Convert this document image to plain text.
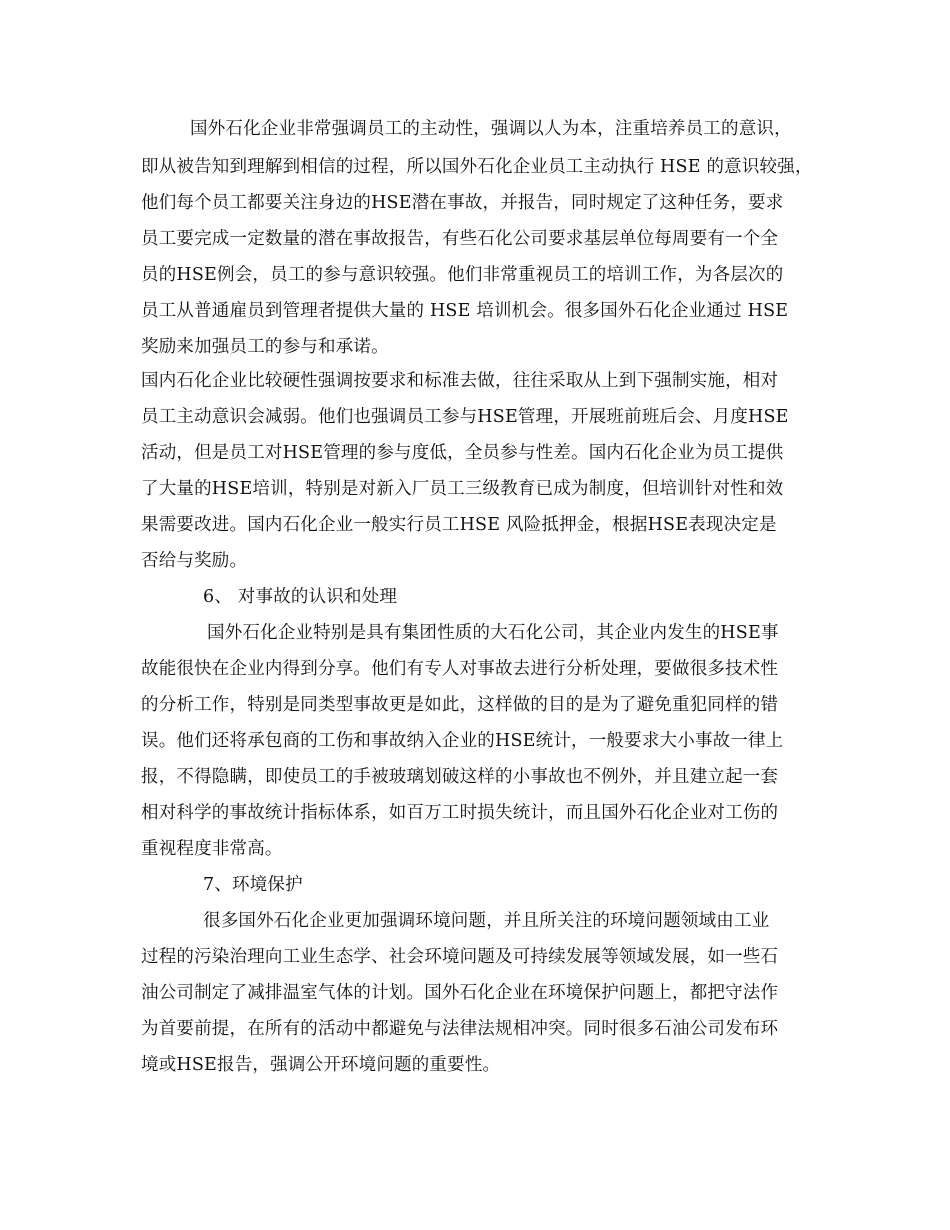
国外石化企业非常强调员工的主动性，强调以人为本，注重培养员工的意识，
即从被告知到理解到相信的过程，所以国外石化企业员工主动执行 HSE 的意识较强，
他们每个员工都要关注身边的HSE潜在事故，并报告，同时规定了这种任务，要求
员工要完成一定数量的潜在事故报告，有些石化公司要求基层单位每周要有一个全
员的HSE例会，员工的参与意识较强。他们非常重视员工的培训工作，为各层次的
员工从普通雇员到管理者提供大量的 HSE 培训机会。很多国外石化企业通过 HSE
奖励来加强员工的参与和承诺。
国内石化企业比较硬性强调按要求和标准去做，往往采取从上到下强制实施，相对
员工主动意识会减弱。他们也强调员工参与HSE管理，开展班前班后会、月度HSE
活动，但是员工对HSE管理的参与度低，全员参与性差。国内石化企业为员工提供
了大量的HSE培训，特别是对新入厂员工三级教育已成为制度，但培训针对性和效
果需要改进。国内石化企业一般实行员工HSE 风险抵押金，根据HSE表现决定是
否给与奖励。
6、 对事故的认识和处理
国外石化企业特别是具有集团性质的大石化公司，其企业内发生的HSE事
故能很快在企业内得到分享。他们有专人对事故去进行分析处理，要做很多技术性
的分析工作，特别是同类型事故更是如此，这样做的目的是为了避免重犯同样的错
误。他们还将承包商的工伤和事故纳入企业的HSE统计，一般要求大小事故一律上
报，不得隐瞒，即使员工的手被玻璃划破这样的小事故也不例外，并且建立起一套
相对科学的事故统计指标体系，如百万工时损失统计，而且国外石化企业对工伤的
重视程度非常高。
7、环境保护
很多国外石化企业更加强调环境问题，并且所关注的环境问题领域由工业
过程的污染治理向工业生态学、社会环境问题及可持续发展等领域发展，如一些石
油公司制定了减排温室气体的计划。国外石化企业在环境保护问题上，都把守法作
为首要前提，在所有的活动中都避免与法律法规相冲突。同时很多石油公司发布环
境或HSE报告，强调公开环境问题的重要性。
